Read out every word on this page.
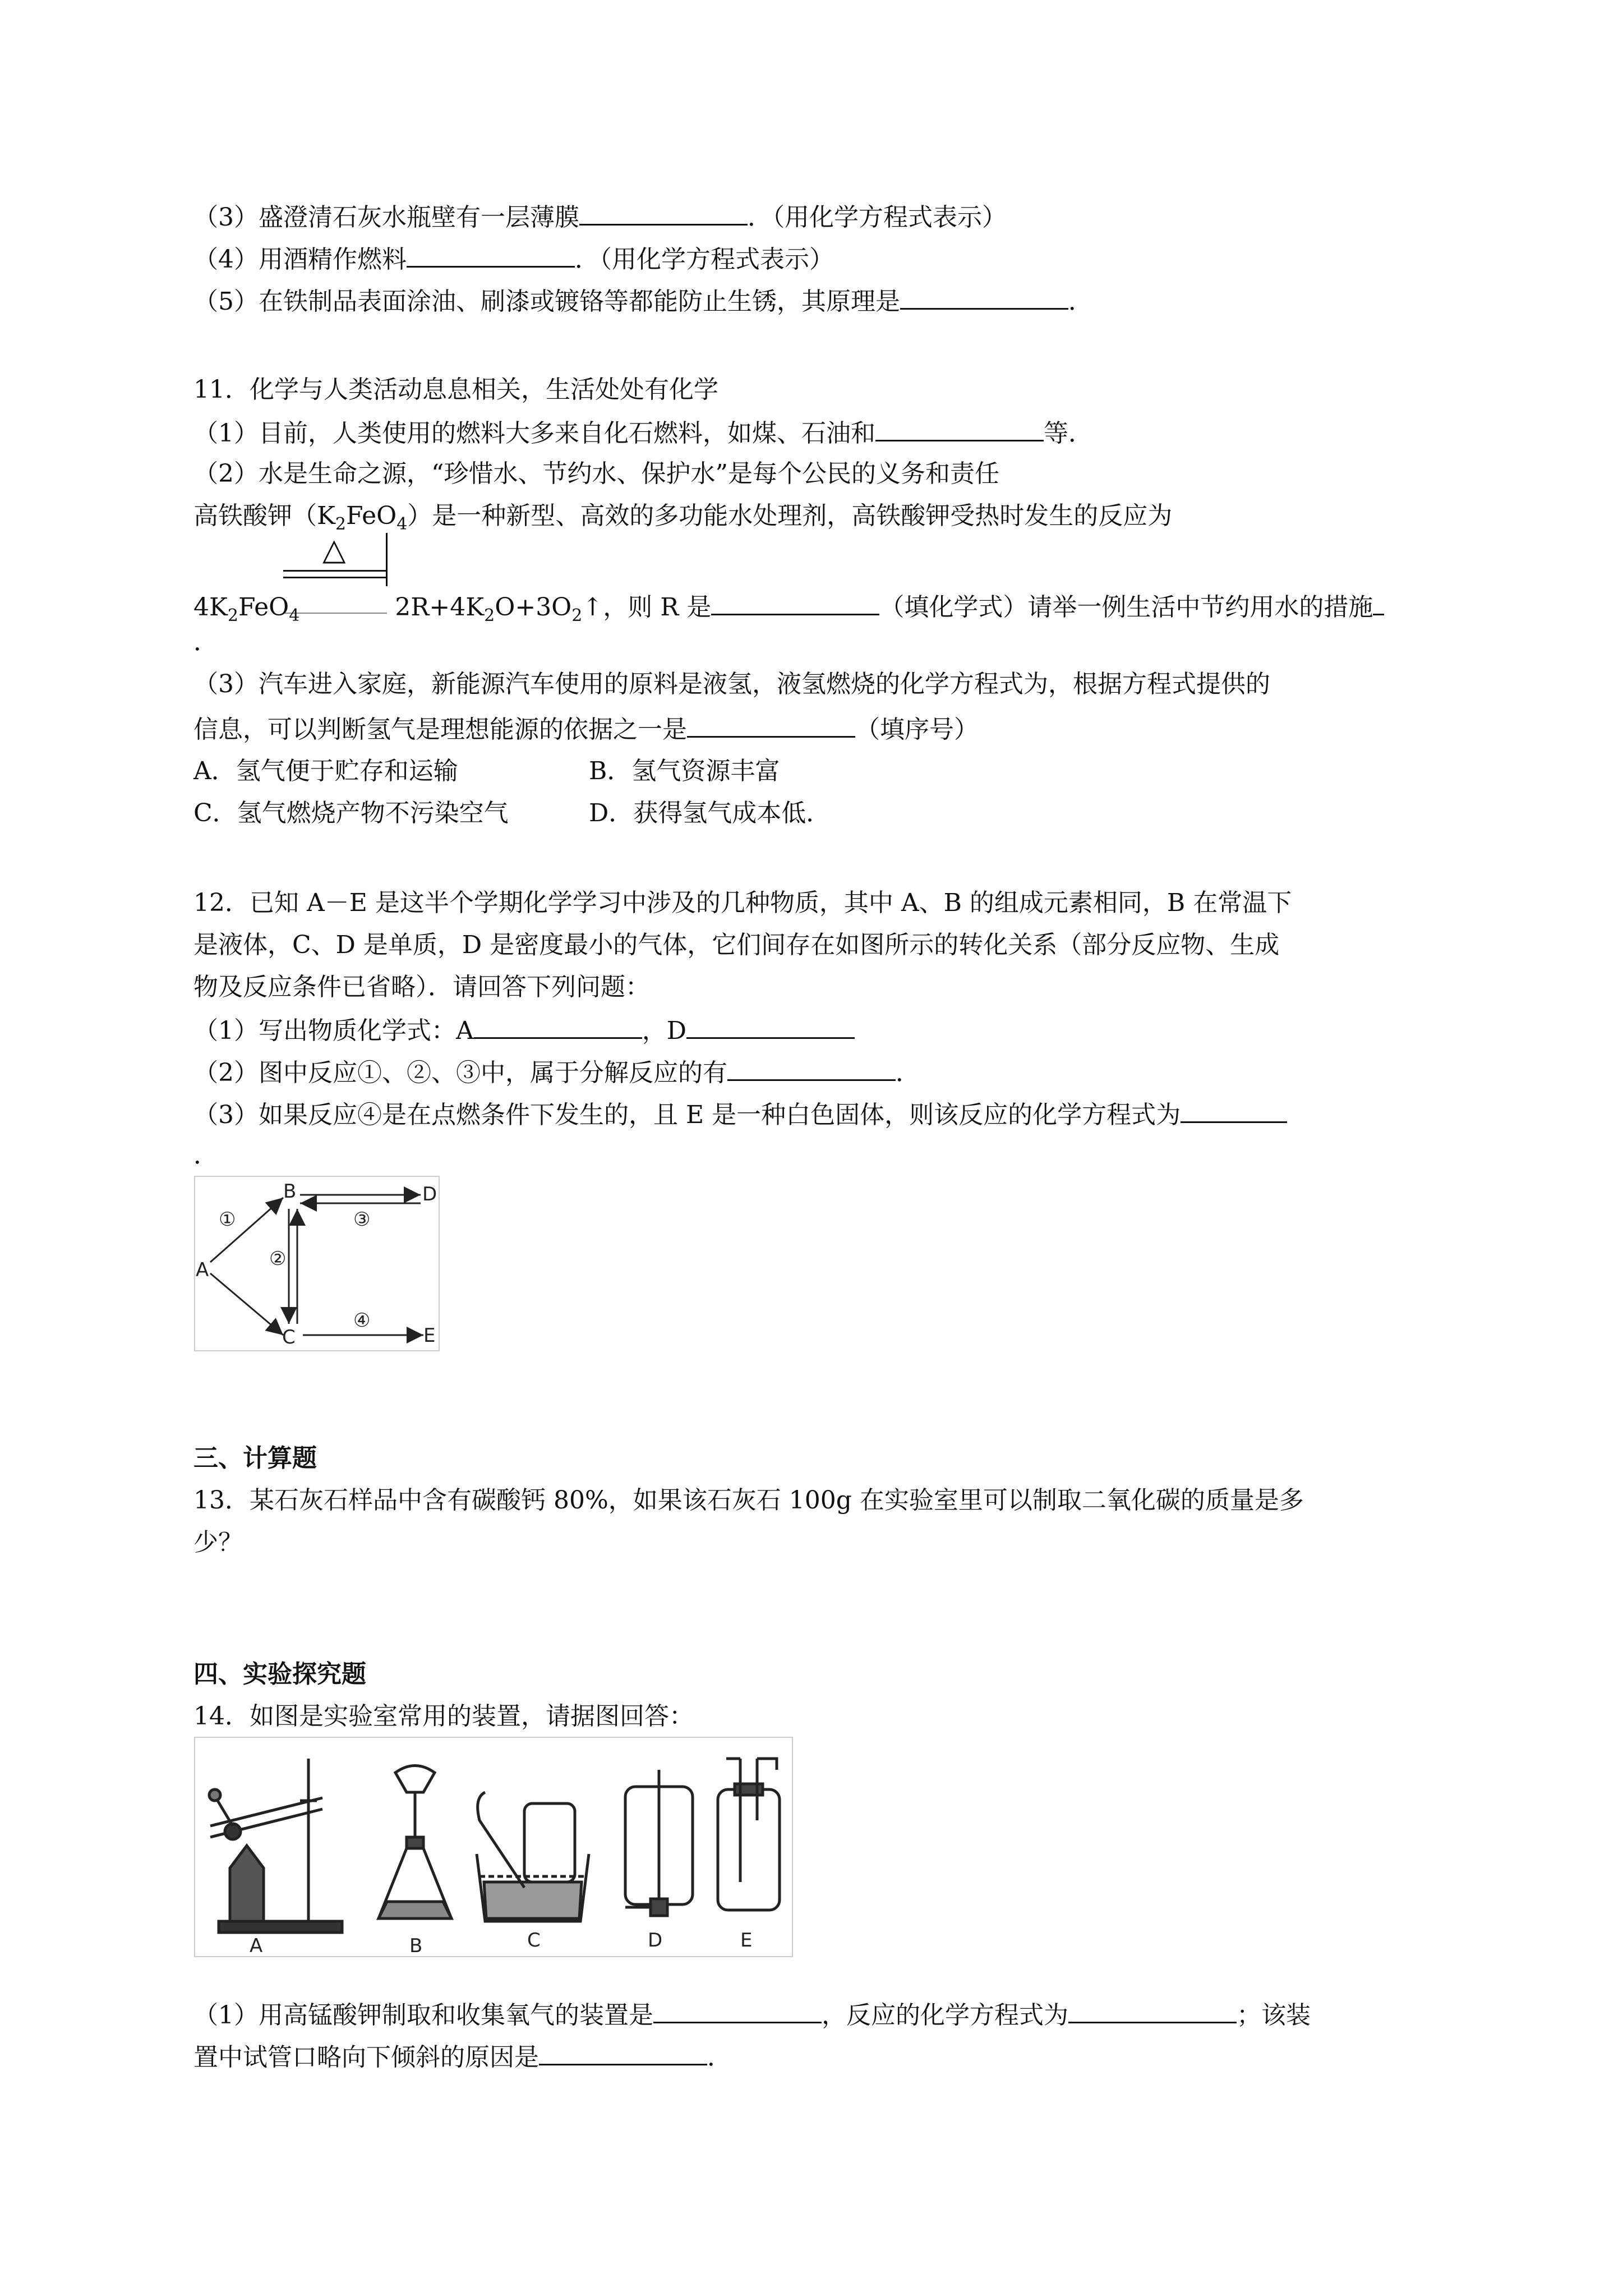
（3）盛澄清石灰水瓶壁有一层薄膜	．（用化学方程式表示）
（4）用酒精作燃料	．（用化学方程式表示）
（5）在铁制品表面涂油、刷漆或镀铬等都能防止生锈，其原理是	．
11．化学与人类活动息息相关，生活处处有化学
（1）目前，人类使用的燃料大多来自化石燃料，如煤、石油和	等．
（2）水是生命之源，“珍惜水、节约水、保护水”是每个公民的义务和责任
高铁酸钾$(K_2FeO_4)$是一种新型、高效的多功能水处理剂，高铁酸钾受热时发生的反应为
△
$4K_2FeO_4$	$2R+4K_2O+3O_2↑$，则 R 是	（填化学式）请举一例生活中节约用水的措施
．
（3）汽车进入家庭，新能源汽车使用的原料是液氢，液氢燃烧的化学方程式为，根据方程式提供的
信息，可以判断氢气是理想能源的依据之一是	（填序号）
A．氢气便于贮存和运输	B．氢气资源丰富
C．氢气燃烧产物不污染空气	D．获得氢气成本低．
12．已知 A－E 是这半个学期化学学习中涉及的几种物质，其中 A、B 的组成元素相同，B 在常温下
是液体，C、D 是单质，D 是密度最小的气体，它们间存在如图所示的转化关系（部分反应物、生成
物及反应条件已省略）．请回答下列问题：
（1）写出物质化学式：A	，D
（2）图中反应①、②、③中，属于分解反应的有	．
（3）如果反应④是在点燃条件下发生的，且 E 是一种白色固体，则该反应的化学方程式为
．
A
B
C
D
E
①
②
③
④
三、计算题
13．某石灰石样品中含有碳酸钙 80%，如果该石灰石 100g 在实验室里可以制取二氧化碳的质量是多
少？
四、实验探究题
14．如图是实验室常用的装置，请据图回答：
A	B	C	D	E
（1）用高锰酸钾制取和收集氧气的装置是	，反应的化学方程式为	；该装
置中试管口略向下倾斜的原因是	．
